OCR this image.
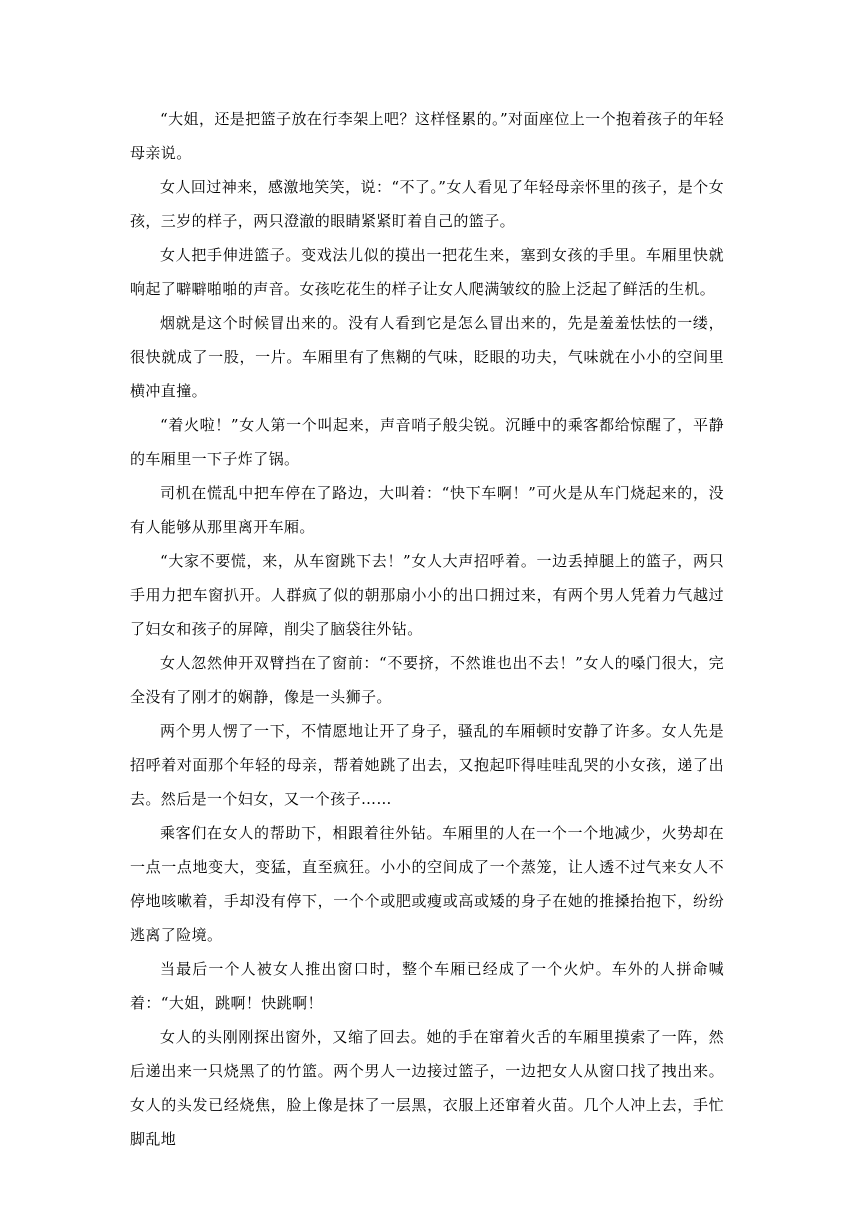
“大姐，还是把篮子放在行李架上吧？这样怪累的。”对面座位上一个抱着孩子的年轻母亲说。

女人回过神来，感激地笑笑，说：“不了。”女人看见了年轻母亲怀里的孩子，是个女孩，三岁的样子，两只澄澈的眼睛紧紧盯着自己的篮子。

女人把手伸进篮子。变戏法儿似的摸出一把花生来，塞到女孩的手里。车厢里快就响起了噼噼啪啪的声音。女孩吃花生的样子让女人爬满皱纹的脸上泛起了鲜活的生机。

烟就是这个时候冒出来的。没有人看到它是怎么冒出来的，先是羞羞怯怯的一缕，很快就成了一股，一片。车厢里有了焦糊的气味，眨眼的功夫，气味就在小小的空间里横冲直撞。

“着火啦！”女人第一个叫起来，声音哨子般尖锐。沉睡中的乘客都给惊醒了，平静的车厢里一下子炸了锅。

司机在慌乱中把车停在了路边，大叫着：“快下车啊！”可火是从车门烧起来的，没有人能够从那里离开车厢。

“大家不要慌，来，从车窗跳下去！”女人大声招呼着。一边丢掉腿上的篮子，两只手用力把车窗扒开。人群疯了似的朝那扇小小的出口拥过来，有两个男人凭着力气越过了妇女和孩子的屏障，削尖了脑袋往外钻。

女人忽然伸开双臂挡在了窗前：“不要挤，不然谁也出不去！”女人的嗓门很大，完全没有了刚才的娴静，像是一头狮子。

两个男人愣了一下，不情愿地让开了身子，骚乱的车厢顿时安静了许多。女人先是招呼着对面那个年轻的母亲，帮着她跳了出去，又抱起吓得哇哇乱哭的小女孩，递了出去。然后是一个妇女，又一个孩子……

乘客们在女人的帮助下，相跟着往外钻。车厢里的人在一个一个地减少，火势却在一点一点地变大，变猛，直至疯狂。小小的空间成了一个蒸笼，让人透不过气来女人不停地咳嗽着，手却没有停下，一个个或肥或瘦或高或矮的身子在她的推搡抬抱下，纷纷逃离了险境。

当最后一个人被女人推出窗口时，整个车厢已经成了一个火炉。车外的人拼命喊着：“大姐，跳啊！快跳啊！

女人的头刚刚探出窗外，又缩了回去。她的手在窜着火舌的车厢里摸索了一阵，然后递出来一只烧黑了的竹篮。两个男人一边接过篮子，一边把女人从窗口找了拽出来。女人的头发已经烧焦，脸上像是抹了一层黑，衣服上还窜着火苗。几个人冲上去，手忙脚乱地
